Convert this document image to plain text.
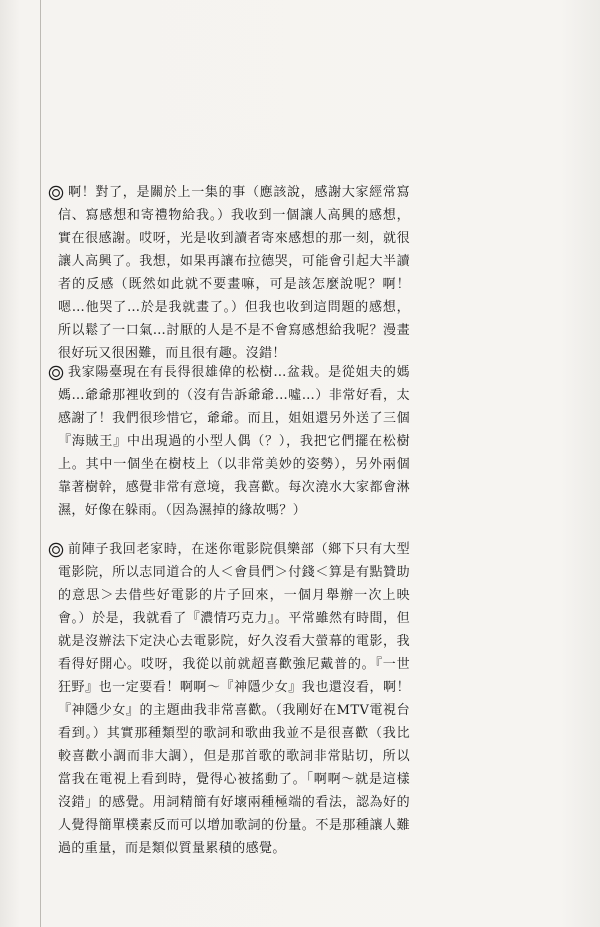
啊！對了，是關於上一集的事（應該說，感謝大家經常寫信、寫感想和寄禮物給我。）我收到一個讓人高興的感想，實在很感謝。哎呀，光是收到讀者寄來感想的那一刻，就很讓人高興了。我想，如果再讓布拉德哭，可能會引起大半讀者的反感（既然如此就不要畫嘛，可是該怎麼說呢？啊！嗯…他哭了…於是我就畫了。）但我也收到這問題的感想，所以鬆了一口氣…討厭的人是不是不會寫感想給我呢？漫畫很好玩又很困難，而且很有趣。沒錯！

我家陽臺現在有長得很雄偉的松樹…盆栽。是從姐夫的媽媽…爺爺那裡收到的（沒有告訴爺爺…噓…）非常好看，太感謝了！我們很珍惜它，爺爺。而且，姐姐還另外送了三個『海賊王』中出現過的小型人偶（？），我把它們擺在松樹上。其中一個坐在樹枝上（以非常美妙的姿勢），另外兩個靠著樹幹，感覺非常有意境，我喜歡。每次澆水大家都會淋濕，好像在躲雨。（因為濕掉的緣故嗎？）

前陣子我回老家時，在迷你電影院俱樂部（鄉下只有大型電影院，所以志同道合的人＜會員們＞付錢＜算是有點贊助的意思＞去借些好電影的片子回來，一個月舉辦一次上映會。）於是，我就看了『濃情巧克力』。平常雖然有時間，但就是沒辦法下定決心去電影院，好久沒看大螢幕的電影，我看得好開心。哎呀，我從以前就超喜歡強尼戴普的。『一世狂野』也一定要看！啊啊～『神隱少女』我也還沒看，啊！『神隱少女』的主題曲我非常喜歡。（我剛好在MTV電視台看到。）其實那種類型的歌詞和歌曲我並不是很喜歡（我比較喜歡小調而非大調），但是那首歌的歌詞非常貼切，所以當我在電視上看到時，覺得心被搖動了。「啊啊～就是這樣沒錯」的感覺。用詞精簡有好壞兩種極端的看法，認為好的人覺得簡單樸素反而可以增加歌詞的份量。不是那種讓人難過的重量，而是類似質量累積的感覺。
